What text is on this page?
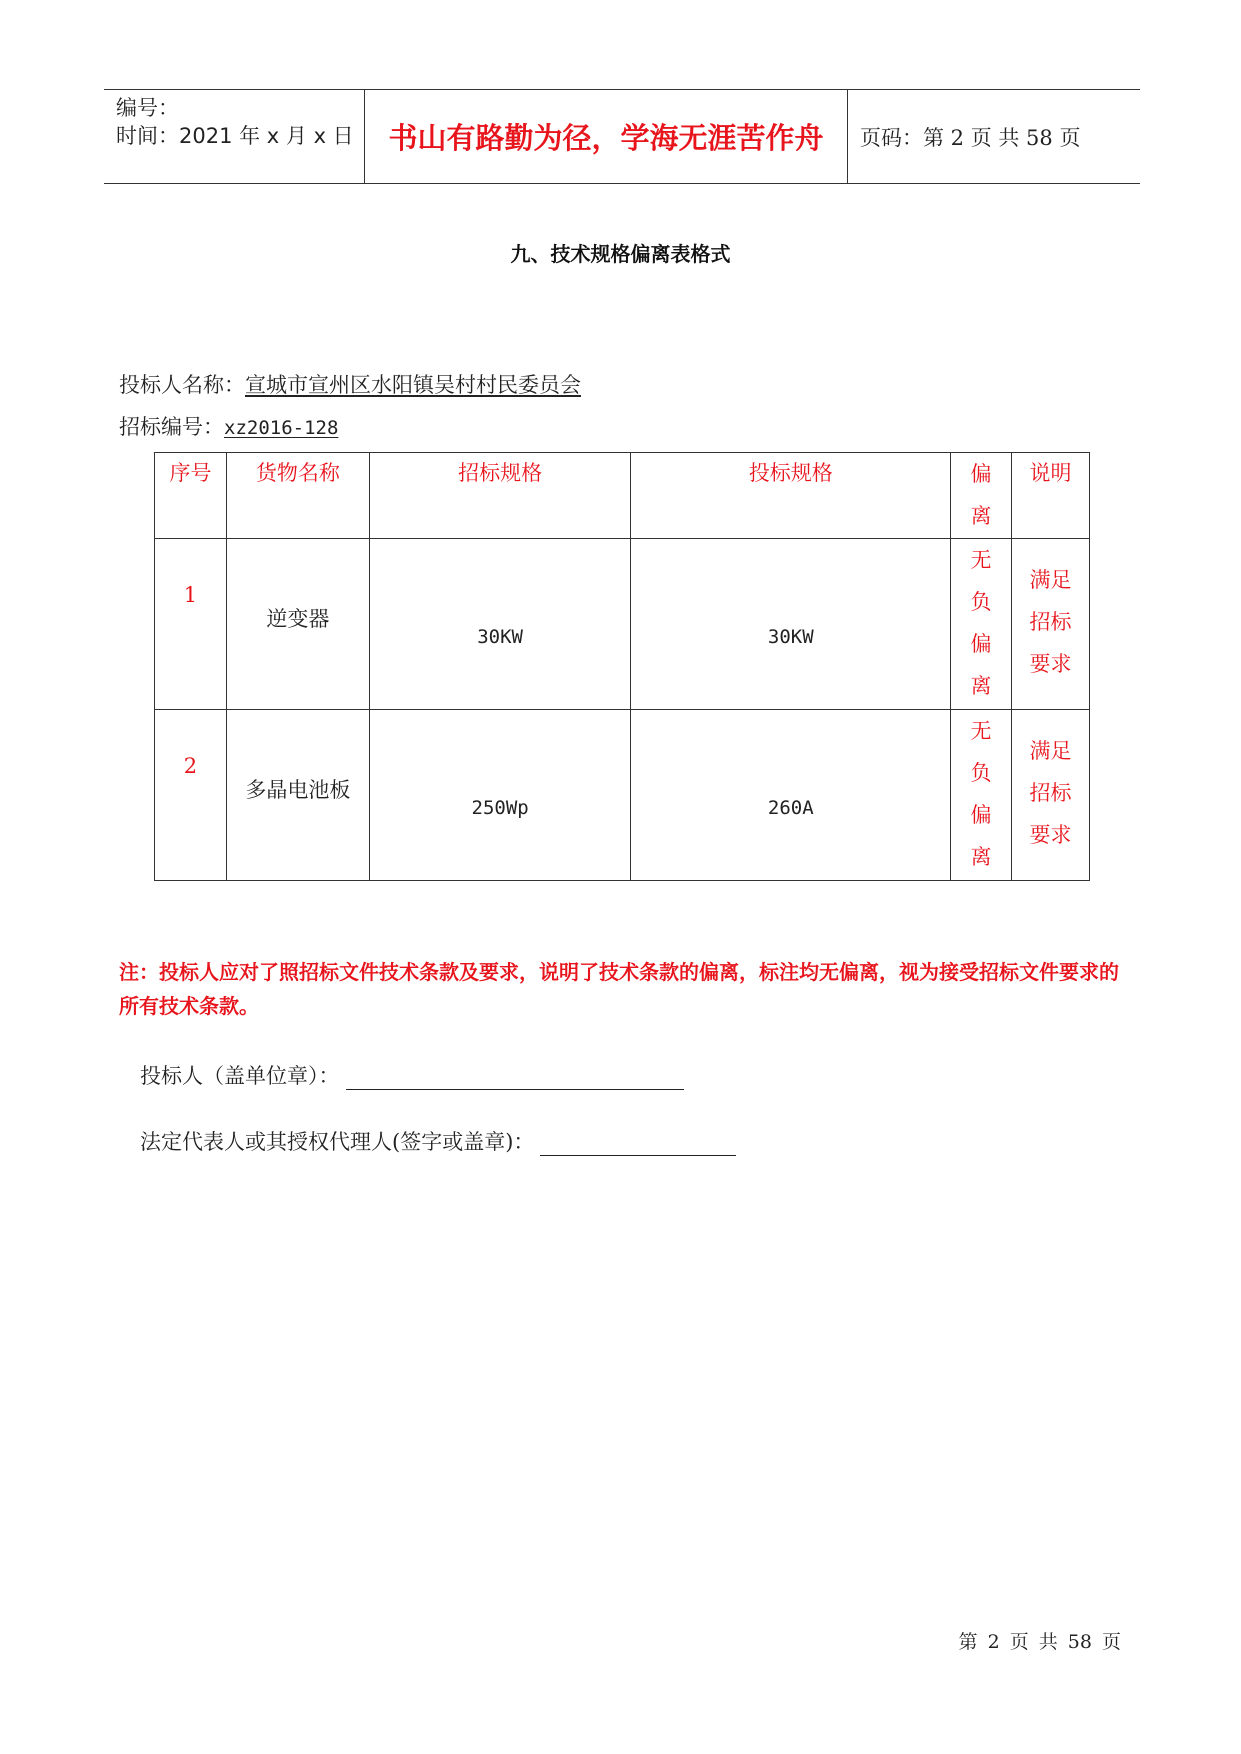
编号：
时间：2021 年 x 月 x 日	书山有路勤为径，学海无涯苦作舟	页码：第 2 页 共 58 页
九、技术规格偏离表格式
投标人名称：宣城市宣州区水阳镇吴村村民委员会
招标编号：xz2016-128
序号	货物名称	招标规格	投标规格	偏离	说明

1	逆变器	30KW	30KW	无负偏离	满足招标要求

2	多晶电池板	250Wp	260A	无负偏离	满足招标要求
注：投标人应对了照招标文件技术条款及要求，说明了技术条款的偏离，标注均无偏离，视为接受招标文件要求的所有技术条款。
投标人（盖单位章）：
法定代表人或其授权代理人(签字或盖章)：
第 2 页 共 58 页
